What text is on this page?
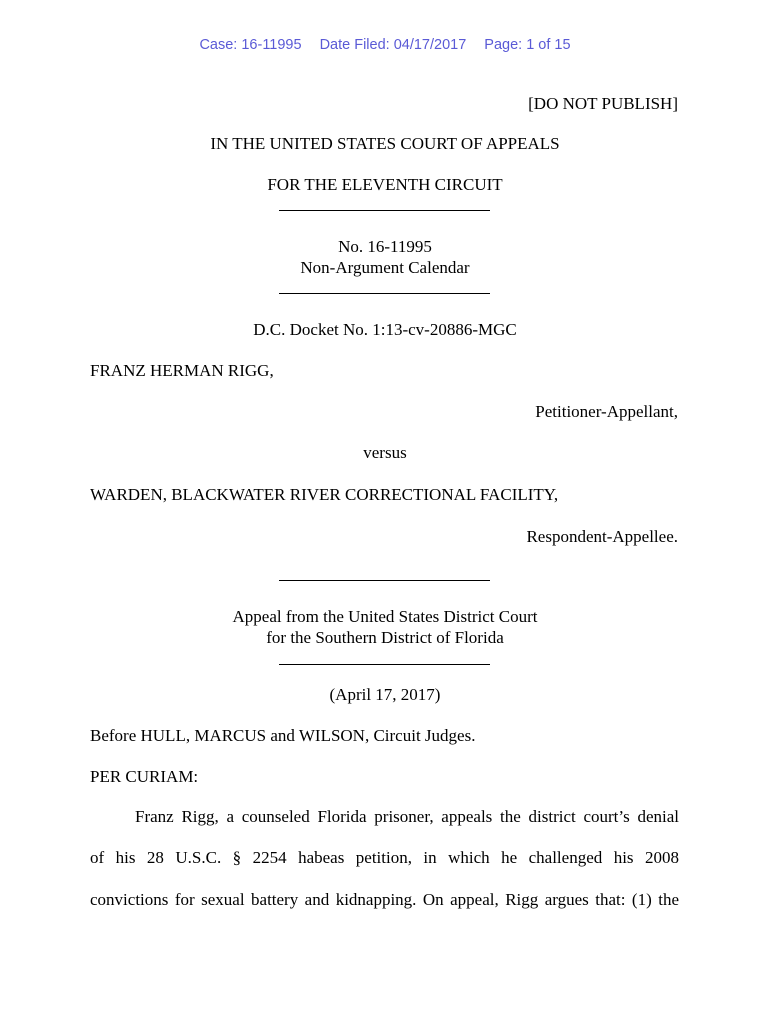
Case: 16-11995 Date Filed: 04/17/2017 Page: 1 of 15
[DO NOT PUBLISH]
IN THE UNITED STATES COURT OF APPEALS
FOR THE ELEVENTH CIRCUIT
No. 16-11995
Non-Argument Calendar
D.C. Docket No. 1:13-cv-20886-MGC
FRANZ HERMAN RIGG,
Petitioner-Appellant,
versus
WARDEN, BLACKWATER RIVER CORRECTIONAL FACILITY,
Respondent-Appellee.
Appeal from the United States District Court
for the Southern District of Florida
(April 17, 2017)
Before HULL, MARCUS and WILSON, Circuit Judges.
PER CURIAM:
Franz Rigg, a counseled Florida prisoner, appeals the district court’s denial
of his 28 U.S.C. § 2254 habeas petition, in which he challenged his 2008
convictions for sexual battery and kidnapping. On appeal, Rigg argues that: (1) the
